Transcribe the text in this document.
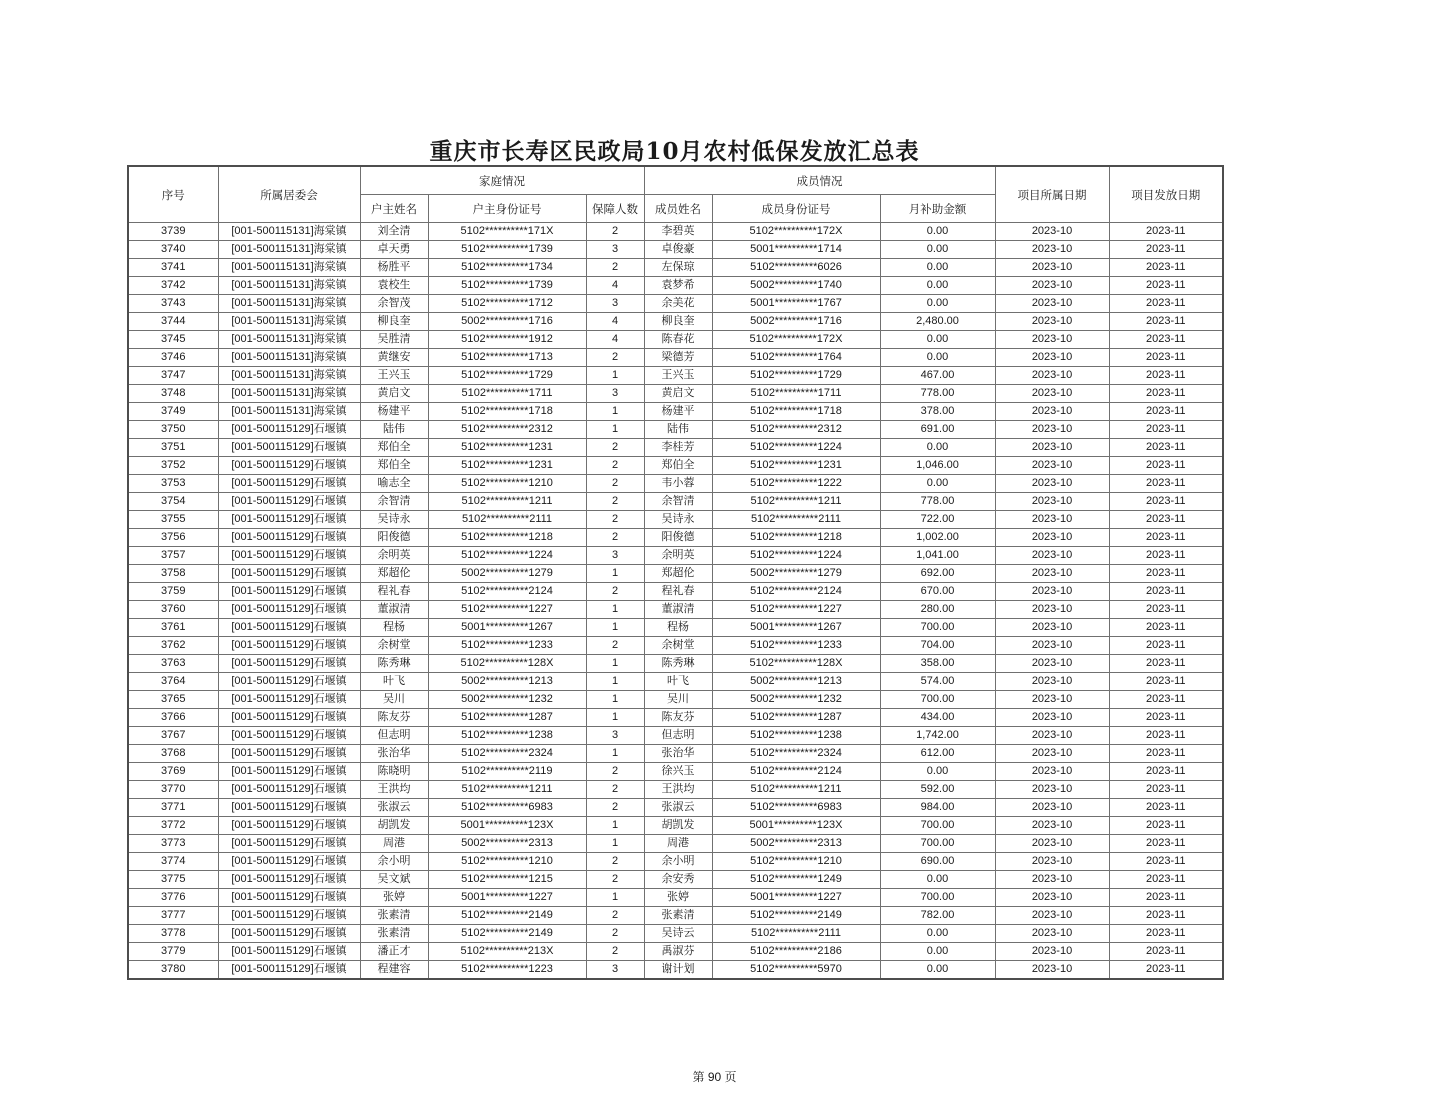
重庆市长寿区民政局10月农村低保发放汇总表
序号	所属居委会	家庭情况			成员情况			项目所属日期	项目发放日期
		户主姓名	户主身份证号	保障人数	成员姓名	成员身份证号	月补助金额		
3739	[001-500115131]海棠镇	刘全清	5102**********171X	2	李碧英	5102**********172X	0.00	2023-10	2023-11
3740	[001-500115131]海棠镇	卓天勇	5102**********1739	3	卓俊豪	5001**********1714	0.00	2023-10	2023-11
3741	[001-500115131]海棠镇	杨胜平	5102**********1734	2	左保琼	5102**********6026	0.00	2023-10	2023-11
3742	[001-500115131]海棠镇	袁校生	5102**********1739	4	袁梦希	5002**********1740	0.00	2023-10	2023-11
3743	[001-500115131]海棠镇	余智茂	5102**********1712	3	余美花	5001**********1767	0.00	2023-10	2023-11
3744	[001-500115131]海棠镇	柳良奎	5002**********1716	4	柳良奎	5002**********1716	2,480.00	2023-10	2023-11
3745	[001-500115131]海棠镇	吴胜清	5102**********1912	4	陈春花	5102**********172X	0.00	2023-10	2023-11
3746	[001-500115131]海棠镇	黄继安	5102**********1713	2	梁德芳	5102**********1764	0.00	2023-10	2023-11
3747	[001-500115131]海棠镇	王兴玉	5102**********1729	1	王兴玉	5102**********1729	467.00	2023-10	2023-11
3748	[001-500115131]海棠镇	黄启文	5102**********1711	3	黄启文	5102**********1711	778.00	2023-10	2023-11
3749	[001-500115131]海棠镇	杨建平	5102**********1718	1	杨建平	5102**********1718	378.00	2023-10	2023-11
3750	[001-500115129]石堰镇	陆伟	5102**********2312	1	陆伟	5102**********2312	691.00	2023-10	2023-11
3751	[001-500115129]石堰镇	郑伯全	5102**********1231	2	李桂芳	5102**********1224	0.00	2023-10	2023-11
3752	[001-500115129]石堰镇	郑伯全	5102**********1231	2	郑伯全	5102**********1231	1,046.00	2023-10	2023-11
3753	[001-500115129]石堰镇	喻志全	5102**********1210	2	韦小蓉	5102**********1222	0.00	2023-10	2023-11
3754	[001-500115129]石堰镇	余智清	5102**********1211	2	余智清	5102**********1211	778.00	2023-10	2023-11
3755	[001-500115129]石堰镇	吴诗永	5102**********2111	2	吴诗永	5102**********2111	722.00	2023-10	2023-11
3756	[001-500115129]石堰镇	阳俊德	5102**********1218	2	阳俊德	5102**********1218	1,002.00	2023-10	2023-11
3757	[001-500115129]石堰镇	余明英	5102**********1224	3	余明英	5102**********1224	1,041.00	2023-10	2023-11
3758	[001-500115129]石堰镇	郑超伦	5002**********1279	1	郑超伦	5002**********1279	692.00	2023-10	2023-11
3759	[001-500115129]石堰镇	程礼春	5102**********2124	2	程礼春	5102**********2124	670.00	2023-10	2023-11
3760	[001-500115129]石堰镇	董淑清	5102**********1227	1	董淑清	5102**********1227	280.00	2023-10	2023-11
3761	[001-500115129]石堰镇	程杨	5001**********1267	1	程杨	5001**********1267	700.00	2023-10	2023-11
3762	[001-500115129]石堰镇	余树堂	5102**********1233	2	余树堂	5102**********1233	704.00	2023-10	2023-11
3763	[001-500115129]石堰镇	陈秀琳	5102**********128X	1	陈秀琳	5102**********128X	358.00	2023-10	2023-11
3764	[001-500115129]石堰镇	叶飞	5002**********1213	1	叶飞	5002**********1213	574.00	2023-10	2023-11
3765	[001-500115129]石堰镇	吴川	5002**********1232	1	吴川	5002**********1232	700.00	2023-10	2023-11
3766	[001-500115129]石堰镇	陈友芬	5102**********1287	1	陈友芬	5102**********1287	434.00	2023-10	2023-11
3767	[001-500115129]石堰镇	但志明	5102**********1238	3	但志明	5102**********1238	1,742.00	2023-10	2023-11
3768	[001-500115129]石堰镇	张治华	5102**********2324	1	张治华	5102**********2324	612.00	2023-10	2023-11
3769	[001-500115129]石堰镇	陈晓明	5102**********2119	2	徐兴玉	5102**********2124	0.00	2023-10	2023-11
3770	[001-500115129]石堰镇	王洪均	5102**********1211	2	王洪均	5102**********1211	592.00	2023-10	2023-11
3771	[001-500115129]石堰镇	张淑云	5102**********6983	2	张淑云	5102**********6983	984.00	2023-10	2023-11
3772	[001-500115129]石堰镇	胡凯发	5001**********123X	1	胡凯发	5001**********123X	700.00	2023-10	2023-11
3773	[001-500115129]石堰镇	周港	5002**********2313	1	周港	5002**********2313	700.00	2023-10	2023-11
3774	[001-500115129]石堰镇	余小明	5102**********1210	2	余小明	5102**********1210	690.00	2023-10	2023-11
3775	[001-500115129]石堰镇	吴文斌	5102**********1215	2	余安秀	5102**********1249	0.00	2023-10	2023-11
3776	[001-500115129]石堰镇	张婷	5001**********1227	1	张婷	5001**********1227	700.00	2023-10	2023-11
3777	[001-500115129]石堰镇	张素清	5102**********2149	2	张素清	5102**********2149	782.00	2023-10	2023-11
3778	[001-500115129]石堰镇	张素清	5102**********2149	2	吴诗云	5102**********2111	0.00	2023-10	2023-11
3779	[001-500115129]石堰镇	潘正才	5102**********213X	2	禹淑芬	5102**********2186	0.00	2023-10	2023-11
3780	[001-500115129]石堰镇	程建容	5102**********1223	3	谢计划	5102**********5970	0.00	2023-10	2023-11
第 90 页
